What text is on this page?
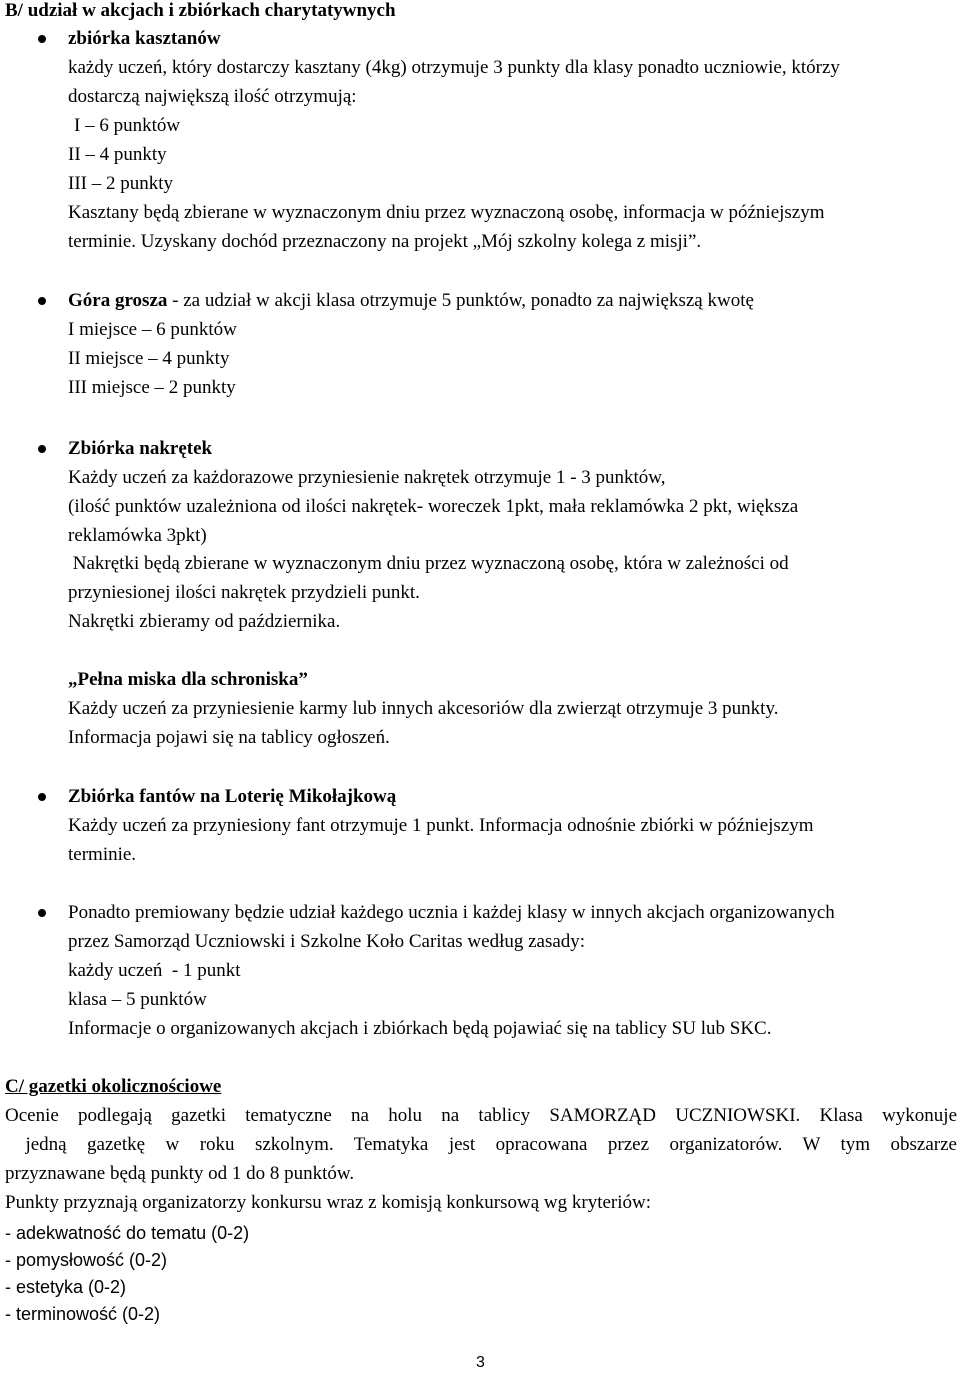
B/ udział w akcjach i zbiórkach charytatywnych
zbiórka kasztanów
każdy uczeń, który dostarczy kasztany (4kg) otrzymuje 3 punkty dla klasy ponadto uczniowie, którzy
dostarczą największą ilość otrzymują:
I – 6 punktów
II – 4 punkty
III – 2 punkty
Kasztany będą zbierane w wyznaczonym dniu przez wyznaczoną osobę, informacja w późniejszym
terminie. Uzyskany dochód przeznaczony na projekt „Mój szkolny kolega z misji”.
Góra grosza - za udział w akcji klasa otrzymuje 5 punktów, ponadto za największą kwotę
I miejsce – 6 punktów
II miejsce – 4 punkty
III miejsce – 2 punkty
Zbiórka nakrętek
Każdy uczeń za każdorazowe przyniesienie nakrętek otrzymuje 1 - 3 punktów,
(ilość punktów uzależniona od ilości nakrętek- woreczek 1pkt, mała reklamówka 2 pkt, większa
reklamówka 3pkt)
Nakrętki będą zbierane w wyznaczonym dniu przez wyznaczoną osobę, która w zależności od
przyniesionej ilości nakrętek przydzieli punkt.
Nakrętki zbieramy od października.
„Pełna miska dla schroniska”
Każdy uczeń za przyniesienie karmy lub innych akcesoriów dla zwierząt otrzymuje 3 punkty.
Informacja pojawi się na tablicy ogłoszeń.
Zbiórka fantów na Loterię Mikołajkową
Każdy uczeń za przyniesiony fant otrzymuje 1 punkt. Informacja odnośnie zbiórki w późniejszym
terminie.
Ponadto premiowany będzie udział każdego ucznia i każdej klasy w innych akcjach organizowanych
przez Samorząd Uczniowski i Szkolne Koło Caritas według zasady:
każdy uczeń  - 1 punkt
klasa – 5 punktów
Informacje o organizowanych akcjach i zbiórkach będą pojawiać się na tablicy SU lub SKC.
C/ gazetki okolicznościowe
Ocenie podlegają gazetki tematyczne na holu na tablicy SAMORZĄD UCZNIOWSKI. Klasa wykonuje
jedną gazetkę w roku szkolnym. Tematyka jest opracowana przez organizatorów. W tym obszarze
przyznawane będą punkty od 1 do 8 punktów.
Punkty przyznają organizatorzy konkursu wraz z komisją konkursową wg kryteriów:
- adekwatność do tematu (0-2)
- pomysłowość (0-2)
- estetyka (0-2)
- terminowość (0-2)
3
